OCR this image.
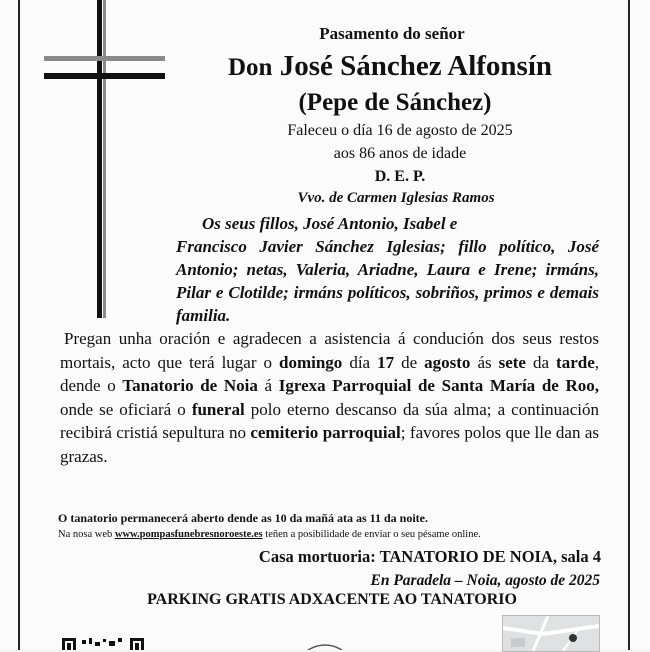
Pasamento do señor
Don José Sánchez Alfonsín
(Pepe de Sánchez)
Faleceu o día 16 de agosto de 2025
aos 86 anos de idade
D. E. P.
Vvo. de Carmen Iglesias Ramos

Os seus fillos, José Antonio, Isabel e

Francisco Javier Sánchez Iglesias; fillo político, José Antonio; netas, Valeria, Ariadne, Laura e Irene; irmáns, Pilar e Clotilde; irmáns políticos, sobriños, primos e demais familia.

Pregan unha oración e agradecen a asistencia á condución dos seus restos mortais, acto que terá lugar o domingo día 17 de agosto ás sete da tarde, dende o Tanatorio de Noia á Igrexa Parroquial de Santa María de Roo, onde se oficiará o funeral polo eterno descanso da súa alma; a continuación recibirá cristiá sepultura no cemiterio parroquial; favores polos que lle dan as grazas.

O tanatorio permanecerá aberto dende as 10 da mañá ata as 11 da noite.
Na nosa web www.pompasfunebresnoroeste.es teñen a posibilidade de enviar o seu pésame online.
Casa mortuoria: TANATORIO DE NOIA, sala 4
En Paradela – Noia, agosto de 2025
PARKING GRATIS ADXACENTE AO TANATORIO
